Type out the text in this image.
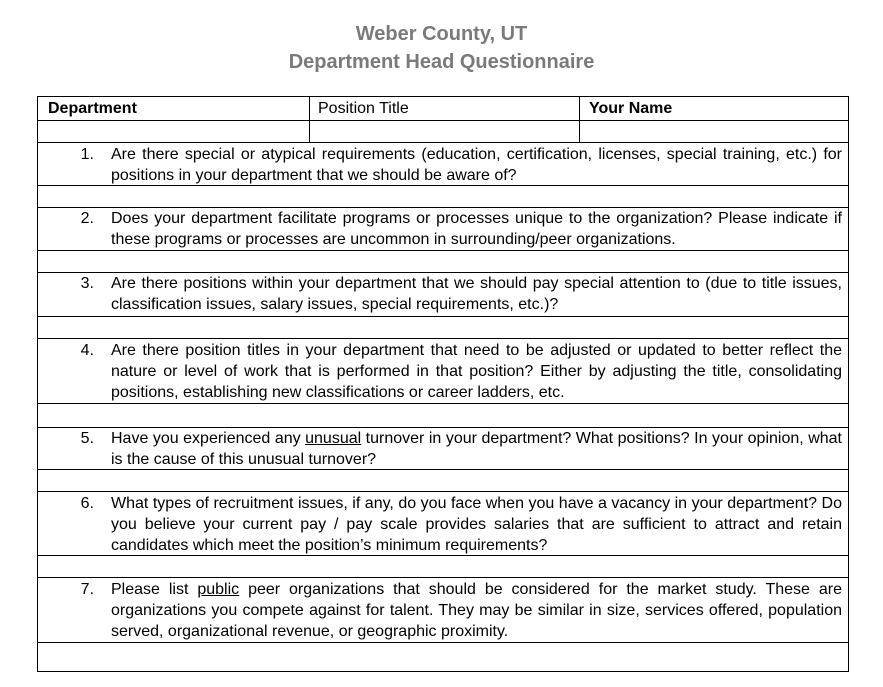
Weber County, UT
Department Head Questionnaire
Department	Position Title	Your Name
1. Are there special or atypical requirements (education, certification, licenses, special training, etc.) for positions in your department that we should be aware of?
2. Does your department facilitate programs or processes unique to the organization? Please indicate if these programs or processes are uncommon in surrounding/peer organizations.
3. Are there positions within your department that we should pay special attention to (due to title issues, classification issues, salary issues, special requirements, etc.)?
4. Are there position titles in your department that need to be adjusted or updated to better reflect the nature or level of work that is performed in that position? Either by adjusting the title, consolidating positions, establishing new classifications or career ladders, etc.
5. Have you experienced any unusual turnover in your department? What positions? In your opinion, what is the cause of this unusual turnover?
6. What types of recruitment issues, if any, do you face when you have a vacancy in your department? Do you believe your current pay / pay scale provides salaries that are sufficient to attract and retain candidates which meet the position’s minimum requirements?
7. Please list public peer organizations that should be considered for the market study. These are organizations you compete against for talent. They may be similar in size, services offered, population served, organizational revenue, or geographic proximity.
